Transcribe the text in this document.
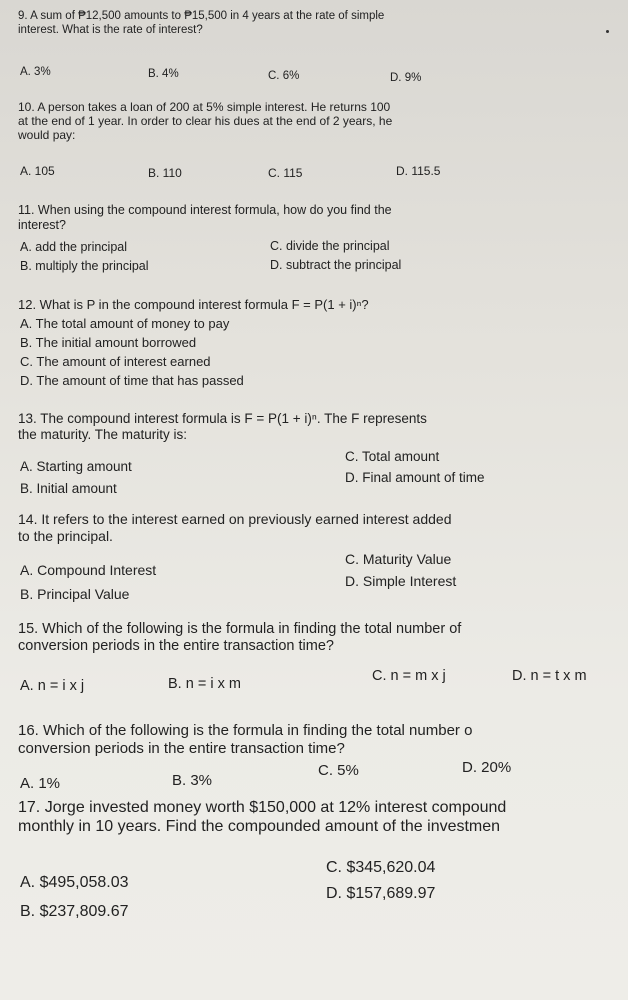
9. A sum of ₱12,500 amounts to ₱15,500 in 4 years at the rate of simple
interest. What is the rate of interest?
A. 3%	B. 4%	C. 6%	D. 9%
10. A person takes a loan of 200 at 5% simple interest. He returns 100
at the end of 1 year. In order to clear his dues at the end of 2 years, he
would pay:
A. 105	B. 110	C. 115	D. 115.5
11. When using the compound interest formula, how do you find the
interest?
A. add the principal
B. multiply the principal
C. divide the principal
D. subtract the principal
12. What is P in the compound interest formula F = P(1 + i)ⁿ?
A. The total amount of money to pay
B. The initial amount borrowed
C. The amount of interest earned
D. The amount of time that has passed
13. The compound interest formula is F = P(1 + i)ⁿ. The F represents
the maturity. The maturity is:
A. Starting amount
B. Initial amount
C. Total amount
D. Final amount of time
14. It refers to the interest earned on previously earned interest added
to the principal.
A. Compound Interest
B. Principal Value
C. Maturity Value
D. Simple Interest
15. Which of the following is the formula in finding the total number of
conversion periods in the entire transaction time?
A. n = i x j	B. n = i x m	C. n = m x j	D. n = t x m
16. Which of the following is the formula in finding the total number o
conversion periods in the entire transaction time?
A. 1%	B. 3%
C. 5%	D. 20%
17. Jorge invested money worth $150,000 at 12% interest compound
monthly in 10 years. Find the compounded amount of the investmen
A. $495,058.03
B. $237,809.67
C. $345,620.04
D. $157,689.97
